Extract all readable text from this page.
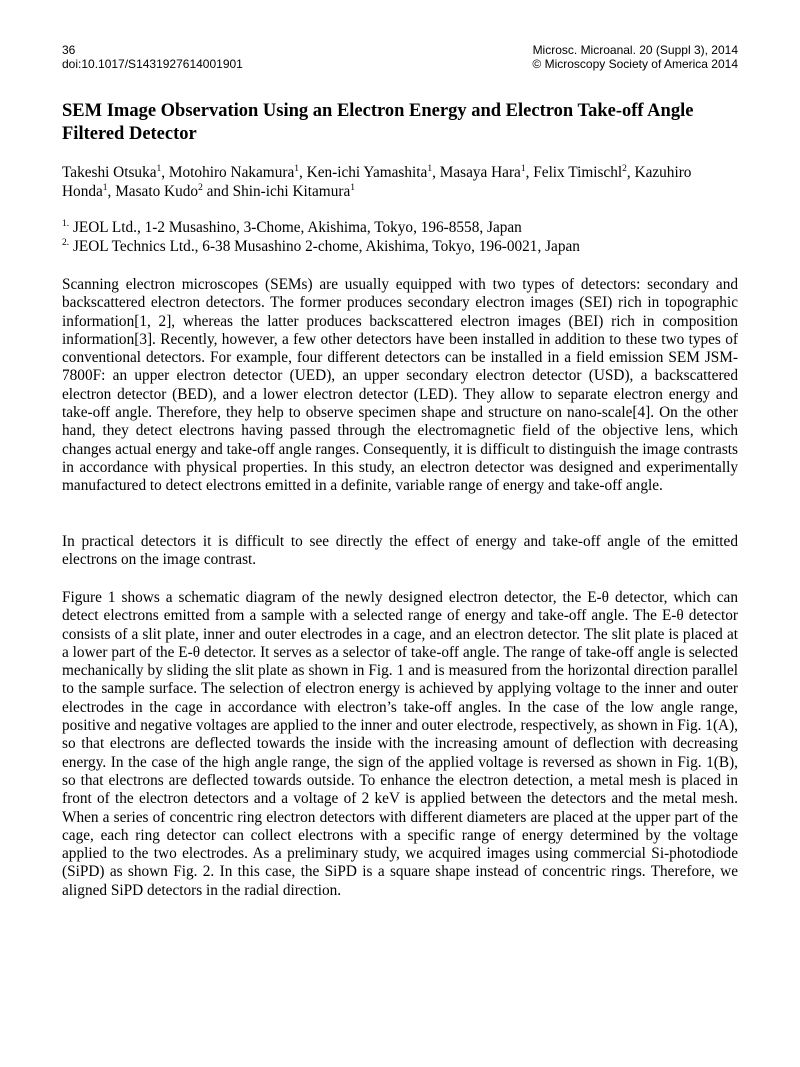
36
doi:10.1017/S1431927614001901
Microsc. Microanal. 20 (Suppl 3), 2014
© Microscopy Society of America 2014
SEM Image Observation Using an Electron Energy and Electron Take-off Angle Filtered Detector
Takeshi Otsuka$^1$, Motohiro Nakamura$^1$, Ken-ichi Yamashita$^1$, Masaya Hara$^1$, Felix Timischl$^2$, Kazuhiro Honda$^1$, Masato Kudo$^2$ and Shin-ichi Kitamura$^1$
$^{1.}$ JEOL Ltd., 1-2 Musashino, 3-Chome, Akishima, Tokyo, 196-8558, Japan
$^{2.}$ JEOL Technics Ltd., 6-38 Musashino 2-chome, Akishima, Tokyo, 196-0021, Japan

Scanning electron microscopes (SEMs) are usually equipped with two types of detectors: secondary and backscattered electron detectors. The former produces secondary electron images (SEI) rich in topographic information[1, 2], whereas the latter produces backscattered electron images (BEI) rich in composition information[3]. Recently, however, a few other detectors have been installed in addition to these two types of conventional detectors. For example, four different detectors can be installed in a field emission SEM JSM-7800F: an upper electron detector (UED), an upper secondary electron detector (USD), a backscattered electron detector (BED), and a lower electron detector (LED). They allow to separate electron energy and take-off angle. Therefore, they help to observe specimen shape and structure on nano-scale[4]. On the other hand, they detect electrons having passed through the electromagnetic field of the objective lens, which changes actual energy and take-off angle ranges. Consequently, it is difficult to distinguish the image contrasts in accordance with physical properties. In this study, an electron detector was designed and experimentally manufactured to detect electrons emitted in a definite, variable range of energy and take-off angle.

In practical detectors it is difficult to see directly the effect of energy and take-off angle of the emitted electrons on the image contrast.

Figure 1 shows a schematic diagram of the newly designed electron detector, the E-θ detector, which can detect electrons emitted from a sample with a selected range of energy and take-off angle. The E-θ detector consists of a slit plate, inner and outer electrodes in a cage, and an electron detector. The slit plate is placed at a lower part of the E-θ detector. It serves as a selector of take-off angle. The range of take-off angle is selected mechanically by sliding the slit plate as shown in Fig. 1 and is measured from the horizontal direction parallel to the sample surface. The selection of electron energy is achieved by applying voltage to the inner and outer electrodes in the cage in accordance with electron’s take-off angles. In the case of the low angle range, positive and negative voltages are applied to the inner and outer electrode, respectively, as shown in Fig. 1(A), so that electrons are deflected towards the inside with the increasing amount of deflection with decreasing energy. In the case of the high angle range, the sign of the applied voltage is reversed as shown in Fig. 1(B), so that electrons are deflected towards outside. To enhance the electron detection, a metal mesh is placed in front of the electron detectors and a voltage of 2 keV is applied between the detectors and the metal mesh. When a series of concentric ring electron detectors with different diameters are placed at the upper part of the cage, each ring detector can collect electrons with a specific range of energy determined by the voltage applied to the two electrodes. As a preliminary study, we acquired images using commercial Si-photodiode (SiPD) as shown Fig. 2. In this case, the SiPD is a square shape instead of concentric rings. Therefore, we aligned SiPD detectors in the radial direction.
